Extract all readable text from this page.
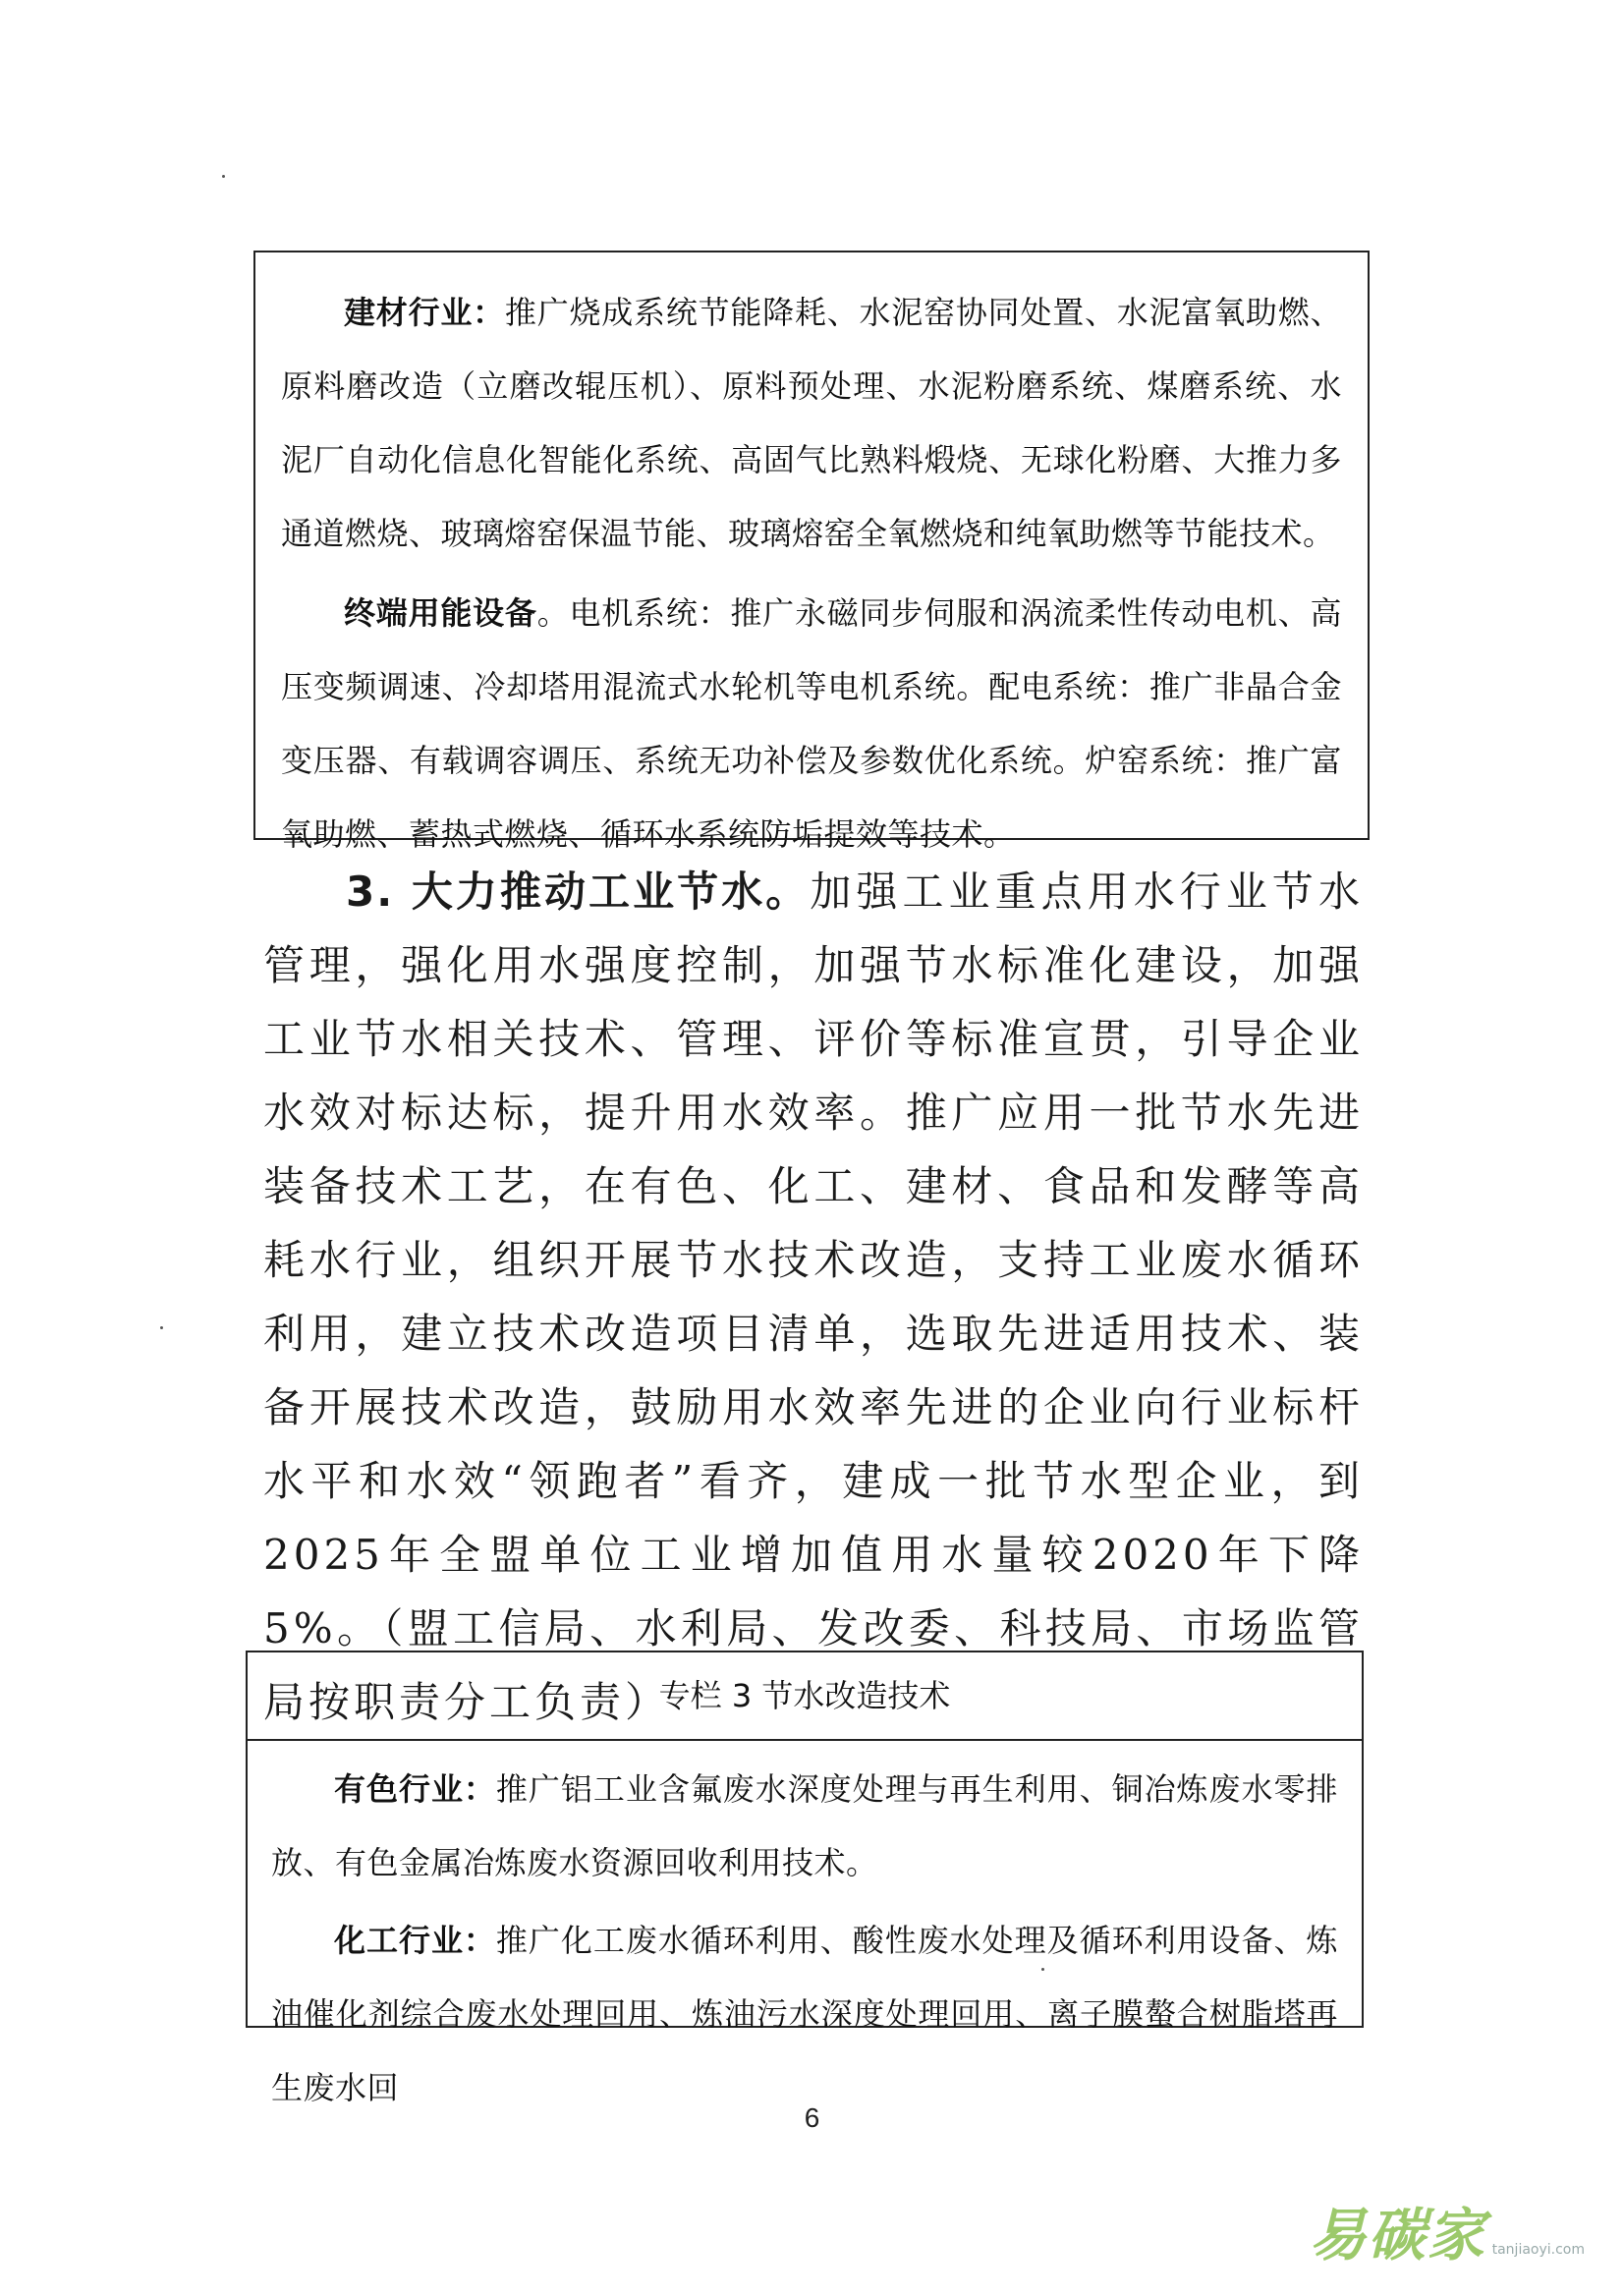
建材行业：推广烧成系统节能降耗、水泥窑协同处置、水泥富氧助燃、原料磨改造（立磨改辊压机）、原料预处理、水泥粉磨系统、煤磨系统、水泥厂自动化信息化智能化系统、高固气比熟料煅烧、无球化粉磨、大推力多通道燃烧、玻璃熔窑保温节能、玻璃熔窑全氧燃烧和纯氧助燃等节能技术。

终端用能设备。电机系统：推广永磁同步伺服和涡流柔性传动电机、高压变频调速、冷却塔用混流式水轮机等电机系统。配电系统：推广非晶合金变压器、有载调容调压、系统无功补偿及参数优化系统。炉窑系统：推广富氧助燃、蓄热式燃烧、循环水系统防垢提效等技术。

3. 大力推动工业节水。加强工业重点用水行业节水管理，强化用水强度控制，加强节水标准化建设，加强工业节水相关技术、管理、评价等标准宣贯，引导企业水效对标达标，提升用水效率。推广应用一批节水先进装备技术工艺，在有色、化工、建材、食品和发酵等高耗水行业，组织开展节水技术改造，支持工业废水循环利用，建立技术改造项目清单，选取先进适用技术、装备开展技术改造，鼓励用水效率先进的企业向行业标杆水平和水效“领跑者”看齐，建成一批节水型企业，到2025年全盟单位工业增加值用水量较2020年下降5%。（盟工信局、水利局、发改委、科技局、市场监管局按职责分工负责）

专栏 3 节水改造技术

有色行业：推广铝工业含氟废水深度处理与再生利用、铜冶炼废水零排放、有色金属冶炼废水资源回收利用技术。

化工行业：推广化工废水循环利用、酸性废水处理及循环利用设备、炼油催化剂综合废水处理回用、炼油污水深度处理回用、离子膜螯合树脂塔再生废水回

6
易碳家 tanjiaoyi.com
